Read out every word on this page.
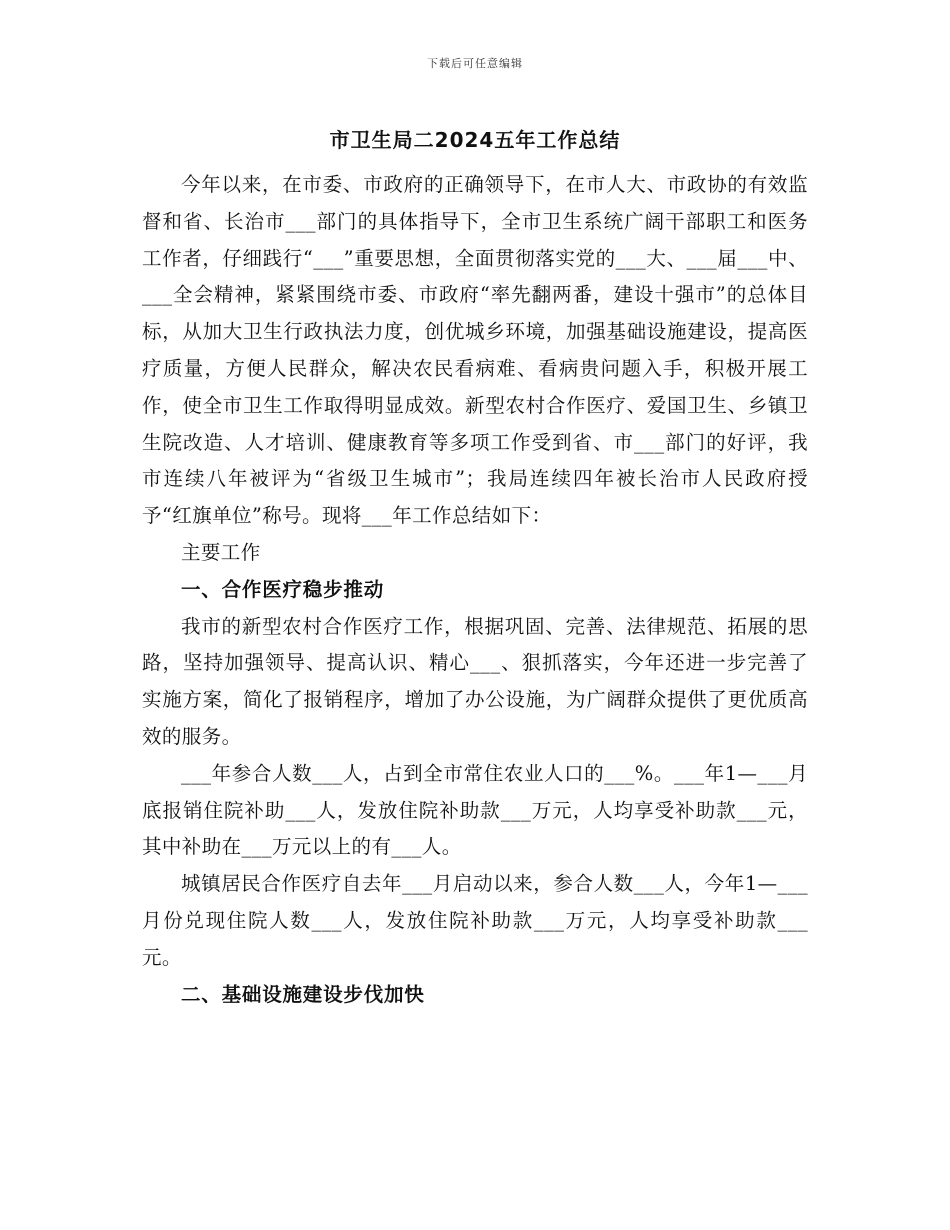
下载后可任意编辑
市卫生局二2024五年工作总结

今年以来，在市委、市政府的正确领导下，在市人大、市政协的有效监督和省、长治市___部门的具体指导下，全市卫生系统广阔干部职工和医务工作者，仔细践行“___”重要思想，全面贯彻落实党的___大、___届___中、___全会精神，紧紧围绕市委、市政府“率先翻两番，建设十强市”的总体目标，从加大卫生行政执法力度，创优城乡环境，加强基础设施建设，提高医疗质量，方便人民群众，解决农民看病难、看病贵问题入手，积极开展工作，使全市卫生工作取得明显成效。新型农村合作医疗、爱国卫生、乡镇卫生院改造、人才培训、健康教育等多项工作受到省、市___部门的好评，我市连续八年被评为“省级卫生城市”；我局连续四年被长治市人民政府授予“红旗单位”称号。现将___年工作总结如下：

主要工作

一、合作医疗稳步推动

我市的新型农村合作医疗工作，根据巩固、完善、法律规范、拓展的思路，坚持加强领导、提高认识、精心___、狠抓落实，今年还进一步完善了实施方案，简化了报销程序，增加了办公设施，为广阔群众提供了更优质高效的服务。

___年参合人数___人，占到全市常住农业人口的___%。___年1—___月底报销住院补助___人，发放住院补助款___万元，人均享受补助款___元，其中补助在___万元以上的有___人。

城镇居民合作医疗自去年___月启动以来，参合人数___人，今年1—___月份兑现住院人数___人，发放住院补助款___万元，人均享受补助款___元。

二、基础设施建设步伐加快
